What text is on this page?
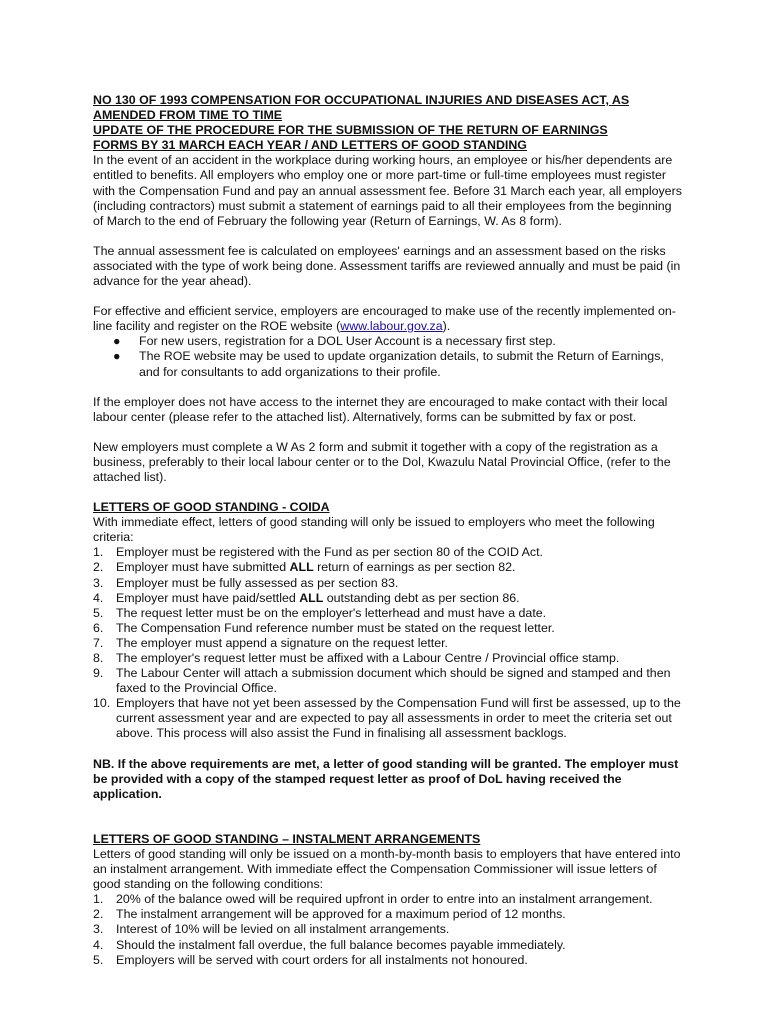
NO 130 OF 1993 COMPENSATION FOR OCCUPATIONAL INJURIES AND DISEASES ACT, AS
AMENDED FROM TIME TO TIME
UPDATE OF THE PROCEDURE FOR THE SUBMISSION OF THE RETURN OF EARNINGS
FORMS BY 31 MARCH EACH YEAR / AND LETTERS OF GOOD STANDING

In the event of an accident in the workplace during working hours, an employee or his/her dependents are entitled to benefits. All employers who employ one or more part-time or full-time employees must register with the Compensation Fund and pay an annual assessment fee. Before 31 March each year, all employers (including contractors) must submit a statement of earnings paid to all their employees from the beginning of March to the end of February the following year (Return of Earnings, W. As 8 form).

The annual assessment fee is calculated on employees' earnings and an assessment based on the risks associated with the type of work being done. Assessment tariffs are reviewed annually and must be paid (in advance for the year ahead).

For effective and efficient service, employers are encouraged to make use of the recently implemented on-line facility and register on the ROE website (www.labour.gov.za).

● For new users, registration for a DOL User Account is a necessary first step.
● The ROE website may be used to update organization details, to submit the Return of Earnings, and for consultants to add organizations to their profile.

If the employer does not have access to the internet they are encouraged to make contact with their local labour center (please refer to the attached list). Alternatively, forms can be submitted by fax or post.

New employers must complete a W As 2 form and submit it together with a copy of the registration as a business, preferably to their local labour center or to the Dol, Kwazulu Natal Provincial Office, (refer to the attached list).

LETTERS OF GOOD STANDING - COIDA

With immediate effect, letters of good standing will only be issued to employers who meet the following criteria:

1. Employer must be registered with the Fund as per section 80 of the COID Act.
2. Employer must have submitted ALL return of earnings as per section 82.
3. Employer must be fully assessed as per section 83.
4. Employer must have paid/settled ALL outstanding debt as per section 86.
5. The request letter must be on the employer's letterhead and must have a date.
6. The Compensation Fund reference number must be stated on the request letter.
7. The employer must append a signature on the request letter.
8. The employer's request letter must be affixed with a Labour Centre / Provincial office stamp.
9. The Labour Center will attach a submission document which should be signed and stamped and then faxed to the Provincial Office.
10. Employers that have not yet been assessed by the Compensation Fund will first be assessed, up to the current assessment year and are expected to pay all assessments in order to meet the criteria set out above. This process will also assist the Fund in finalising all assessment backlogs.

NB. If the above requirements are met, a letter of good standing will be granted. The employer must be provided with a copy of the stamped request letter as proof of DoL having received the application.

LETTERS OF GOOD STANDING – INSTALMENT ARRANGEMENTS

Letters of good standing will only be issued on a month-by-month basis to employers that have entered into an instalment arrangement. With immediate effect the Compensation Commissioner will issue letters of good standing on the following conditions:

1. 20% of the balance owed will be required upfront in order to entre into an instalment arrangement.
2. The instalment arrangement will be approved for a maximum period of 12 months.
3. Interest of 10% will be levied on all instalment arrangements.
4. Should the instalment fall overdue, the full balance becomes payable immediately.
5. Employers will be served with court orders for all instalments not honoured.
